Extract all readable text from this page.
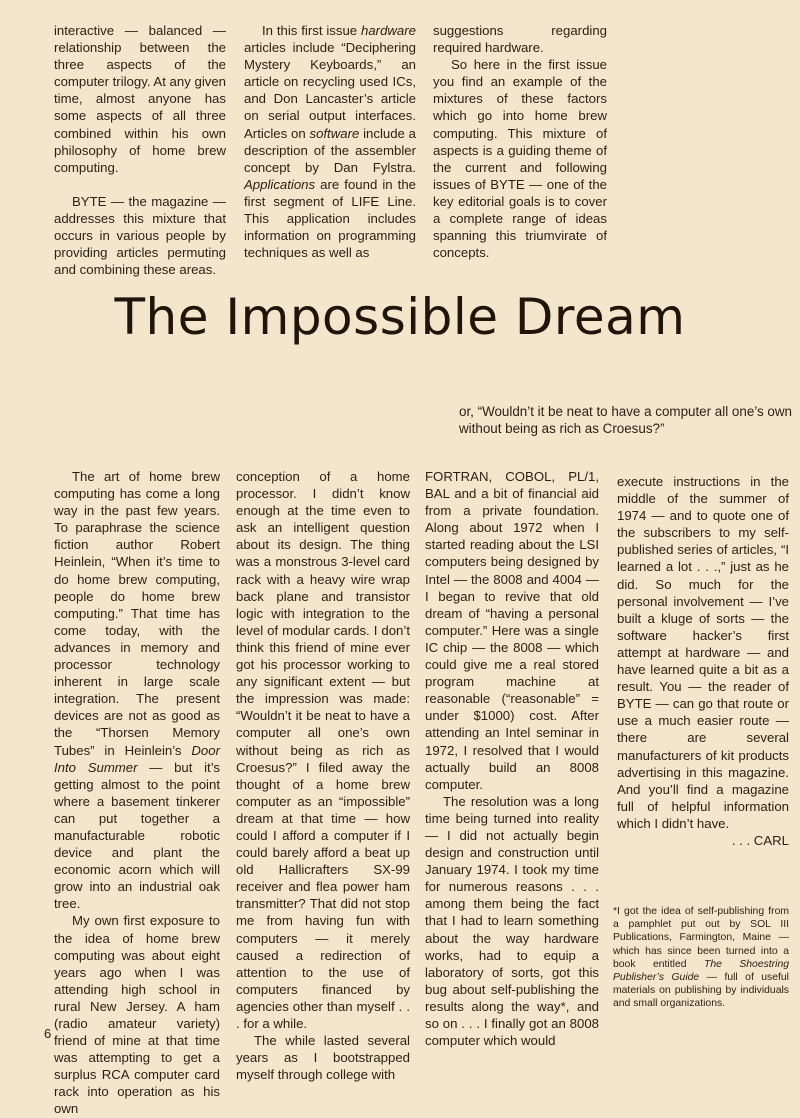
interactive — balanced — relationship between the three aspects of the computer trilogy. At any given time, almost anyone has some aspects of all three combined within his own philosophy of home brew computing.

BYTE — the magazine — addresses this mixture that occurs in various people by providing articles permuting and combining these areas.

In this first issue hardware articles include “Deciphering Mystery Keyboards,” an article on recycling used ICs, and Don Lancaster’s article on serial output interfaces. Articles on software include a description of the assembler concept by Dan Fylstra. Applications are found in the first segment of LIFE Line. This application includes information on programming techniques as well as

suggestions regarding required hardware.

So here in the first issue you find an example of the mixtures of these factors which go into home brew computing. This mixture of aspects is a guiding theme of the current and following issues of BYTE — one of the key editorial goals is to cover a complete range of ideas spanning this triumvirate of concepts.

The Impossible Dream
or, “Wouldn’t it be neat to have a computer all one’s own without being as rich as Croesus?”

The art of home brew computing has come a long way in the past few years. To paraphrase the science fiction author Robert Heinlein, “When it’s time to do home brew computing, people do home brew computing.” That time has come today, with the advances in memory and processor technology inherent in large scale integration. The present devices are not as good as the “Thorsen Memory Tubes” in Heinlein’s Door Into Summer — but it’s getting almost to the point where a basement tinkerer can put together a manufacturable robotic device and plant the economic acorn which will grow into an industrial oak tree.

My own first exposure to the idea of home brew computing was about eight years ago when I was attending high school in rural New Jersey. A ham (radio amateur variety) friend of mine at that time was attempting to get a surplus RCA computer card rack into operation as his own

conception of a home processor. I didn’t know enough at the time even to ask an intelligent question about its design. The thing was a monstrous 3-level card rack with a heavy wire wrap back plane and transistor logic with integration to the level of modular cards. I don’t think this friend of mine ever got his processor working to any significant extent — but the impression was made: “Wouldn’t it be neat to have a computer all one’s own without being as rich as Croesus?” I filed away the thought of a home brew computer as an “impossible” dream at that time — how could I afford a computer if I could barely afford a beat up old Hallicrafters SX-99 receiver and flea power ham transmitter? That did not stop me from having fun with computers — it merely caused a redirection of attention to the use of computers financed by agencies other than myself . . . for a while.

The while lasted several years as I bootstrapped myself through college with

FORTRAN, COBOL, PL/1, BAL and a bit of financial aid from a private foundation. Along about 1972 when I started reading about the LSI computers being designed by Intel — the 8008 and 4004 — I began to revive that old dream of “having a personal computer.” Here was a single IC chip — the 8008 — which could give me a real stored program machine at reasonable (“reasonable” = under $1000) cost. After attending an Intel seminar in 1972, I resolved that I would actually build an 8008 computer.

The resolution was a long time being turned into reality — I did not actually begin design and construction until January 1974. I took my time for numerous reasons . . . among them being the fact that I had to learn something about the way hardware works, had to equip a laboratory of sorts, got this bug about self-publishing the results along the way*, and so on . . . I finally got an 8008 computer which would

execute instructions in the middle of the summer of 1974 — and to quote one of the subscribers to my self-published series of articles, “I learned a lot . . .,” just as he did. So much for the personal involvement — I’ve built a kluge of sorts — the software hacker’s first attempt at hardware — and have learned quite a bit as a result. You — the reader of BYTE — can go that route or use a much easier route — there are several manufacturers of kit products advertising in this magazine. And you’ll find a magazine full of helpful information which I didn’t have.

. . . CARL

*I got the idea of self-publishing from a pamphlet put out by SOL III Publications, Farmington, Maine — which has since been turned into a book entitled The Shoestring Publisher’s Guide — full of useful materials on publishing by individuals and small organizations.
6
